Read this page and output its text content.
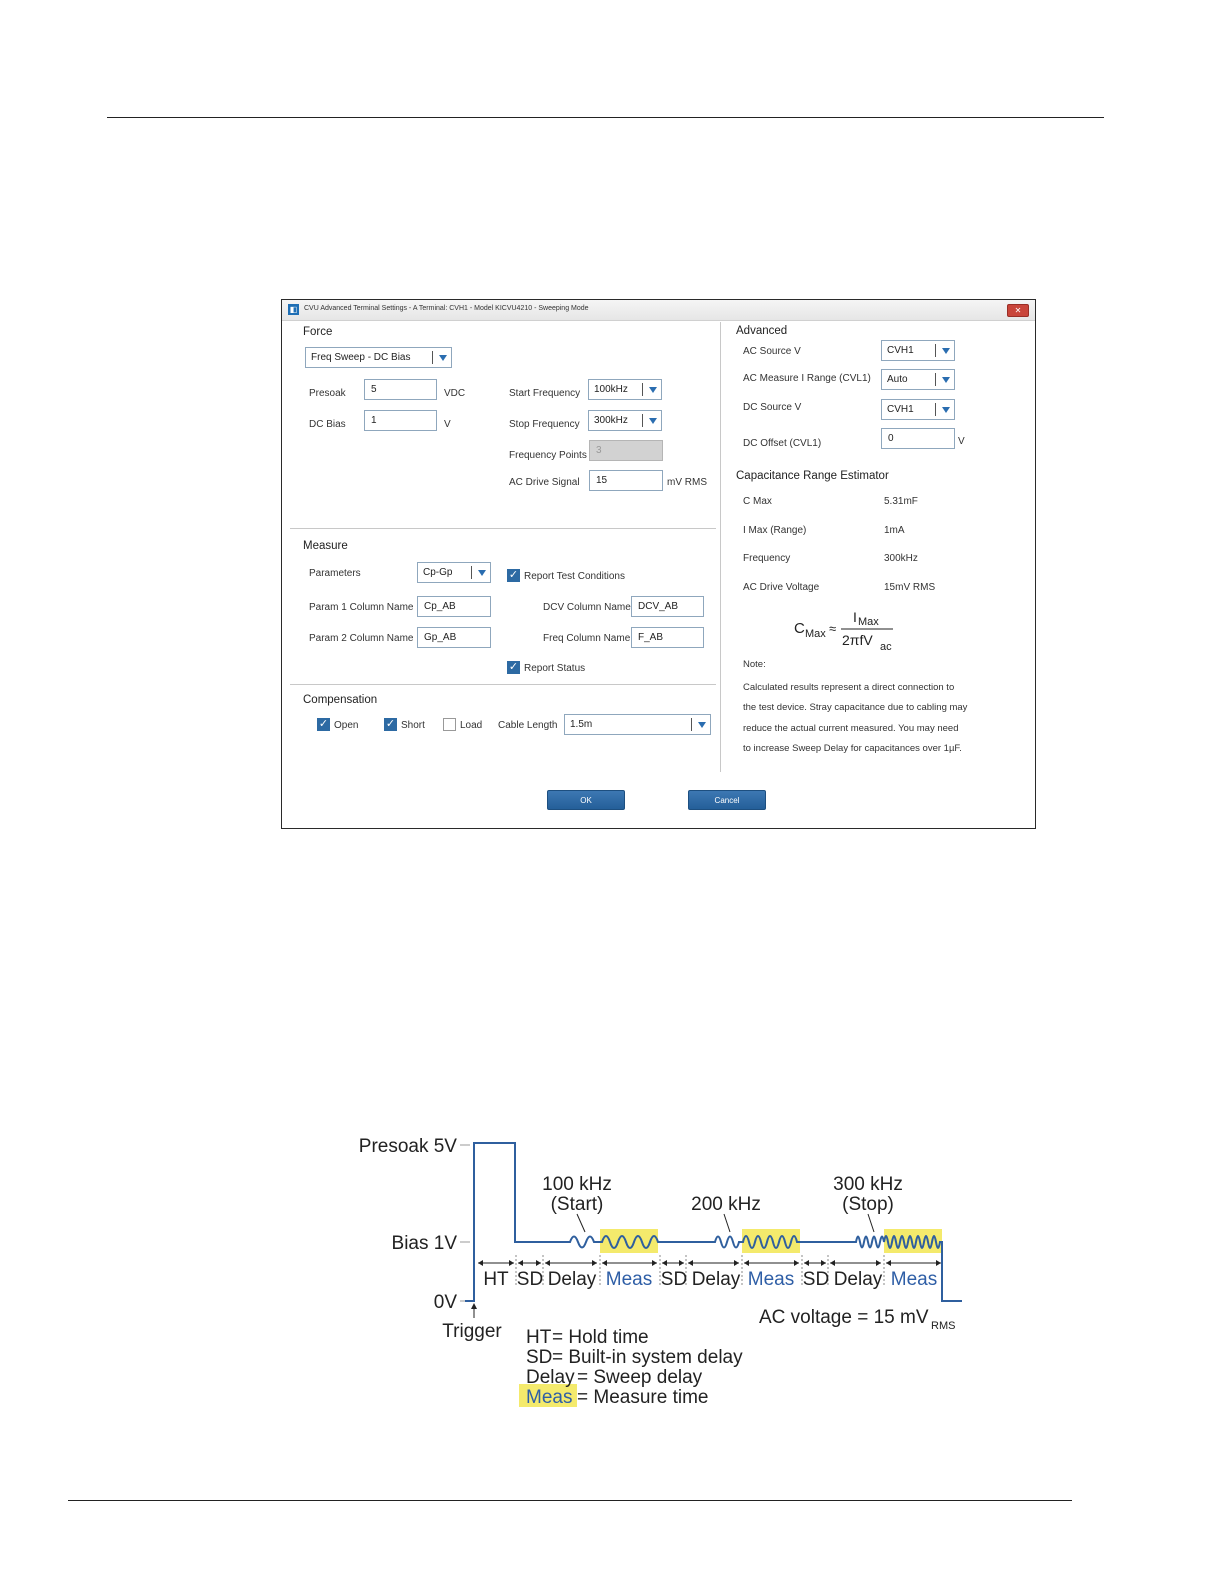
◧ CVU Advanced Terminal Settings - A Terminal: CVH1 - Model KICVU4210 - Sweeping Mode	✕
Force
Freq Sweep - DC Bias
Presoak	5	VDC
DC Bias	1	V
Start Frequency 100kHz
Stop Frequency 300kHz
Frequency Points 3
AC Drive Signal	15	mV RMS
Measure
Parameters	Cp-Gp	✓ Report Test Conditions
Param 1 Column Name	Cp_AB
Param 2 Column Name	Gp_AB
DCV Column Name DCV_AB
Freq Column Name F_AB
✓ Report Status
Compensation
✓ Open ✓ Short	Load Cable Length 1.5m
Advanced
AC Source V	CVH1
AC Measure I Range (CVL1) Auto
DC Source V	CVH1
DC Offset (CVL1)	0	V
Capacitance Range Estimator
C Max	5.31mF
I Max (Range)	1mA
Frequency	300kHz
AC Drive Voltage	15mV RMS
C Max ≈
I Max
2πfV ac
Note:
Calculated results represent a direct connection to
the test device. Stray capacitance due to cabling may
reduce the actual current measured. You may need
to increase Sweep Delay for capacitances over 1µF.
OK	Cancel
Presoak 5V
Bias 1V
0V
Trigger
100 kHz
(Start)	200 kHz
300 kHz
(Stop)
HT SD Delay Meas SD Delay Meas SD Delay Meas
AC voltage = 15 mV RMS
HT = Hold time
SD = Built-in system delay
Delay = Sweep delay
Meas = Measure time
